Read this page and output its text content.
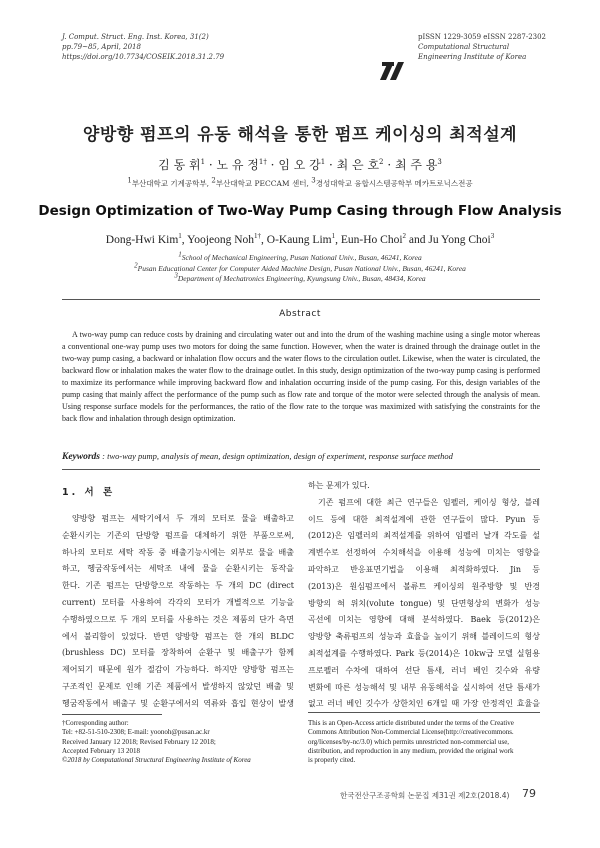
J. Comput. Struct. Eng. Inst. Korea, 31(2)
pp.79~85, April, 2018
https://doi.org/10.7734/COSEIK.2018.31.2.79
pISSN 1229-3059 eISSN 2287-2302
Computational Structural
Engineering Institute of Korea
양방향 펌프의 유동 해석을 통한 펌프 케이싱의 최적설계
김 동 휘$^1$ · 노 유 정$^{1\dagger}$ · 임 오 강$^1$ · 최 은 호$^2$ · 최 주 용$^3$
1부산대학교 기계공학부, 2부산대학교 PECCAM 센터, 3경성대학교 융합시스템공학부 메카트로닉스전공
Design Optimization of Two-Way Pump Casing through Flow Analysis
Dong-Hwi Kim$^1$, Yoojeong Noh$^{1\dagger}$, O-Kaung Lim$^1$, Eun-Ho Choi$^2$ and Ju Yong Choi$^3$
1School of Mechanical Engineering, Pusan National Univ., Busan, 46241, Korea
2Pusan Educational Center for Computer Aided Machine Design, Pusan National Univ., Busan, 46241, Korea
3Department of Mechatronics Engineering, Kyungsung Univ., Busan, 48434, Korea
Abstract
A two-way pump can reduce costs by draining and circulating water out and into the drum of the washing machine using a single motor whereas a conventional one-way pump uses two motors for doing the same function. However, when the water is drained through the drainage outlet in the two-way pump casing, a backward or inhalation flow occurs and the water flows to the circulation outlet. Likewise, when the water is circulated, the backward flow or inhalation makes the water flow to the drainage outlet. In this study, design optimization of the two-way pump casing is performed to maximize its performance while improving backward flow and inhalation occurring inside of the pump casing. For this, design variables of the pump casing that mainly affect the performance of the pump such as flow rate and torque of the motor were selected through the analysis of mean. Using response surface models for the performances, the ratio of the flow rate to the torque was maximized with satisfying the constraints for the back flow and inhalation through design optimization.
Keywords : two-way pump, analysis of mean, design optimization, design of experiment, response surface method
1. 서 론
양방향 펌프는 세탁기에서 두 개의 모터로 물을 배출하고
순환시키는 기존의 단방향 펌프를 대체하기 위한 부품으로써,
하나의 모터로 세탁 작동 중 배출기능시에는 외부로 물을 배출
하고, 헹굼작동에서는 세탁조 내에 물을 순환시키는 동작을
한다. 기존 펌프는 단방향으로 작동하는 두 개의 DC (direct
current) 모터를 사용하여 각각의 모터가 개별적으로 기능을
수행하였으므로 두 개의 모터를 사용하는 것은 제품의 단가 측면
에서 불리함이 있었다. 반면 양방향 펌프는 한 개의 BLDC
(brushless DC) 모터를 장착하여 순환구 및 배출구가 함께
제어되기 때문에 원가 절감이 가능하다. 하지만 양방향 펌프는
구조적인 문제로 인해 기존 제품에서 발생하지 않았던 배출 및
헹굼작동에서 배출구 및 순환구에서의 역류와 흡입 현상이 발생
하는 문제가 있다.
기존 펌프에 대한 최근 연구들은 임펠러, 케이싱 형상, 블레
이드 등에 대한 최적설계에 관한 연구들이 많다. Pyun 등
(2012)은 임펠러의 최적설계를 위하여 임펠러 날개 각도를 설
계변수로 선정하여 수치해석을 이용해 성능에 미치는 영향을
파악하고 반응표면기법을 이용해 최적화하였다. Jin 등
(2013)은 원심펌프에서 볼류트 케이싱의 원주방향 및 반경
방향의 혀 위치(volute tongue) 및 단면형상의 변화가 성능
곡선에 미치는 영향에 대해 분석하였다. Baek 등(2012)은
양방향 축류펌프의 성능과 효율을 높이기 위해 블레이드의 형상
최적설계를 수행하였다. Park 등(2014)은 10kw급 모델 실험용
프로펠러 수차에 대하여 선단 틈새, 러너 베인 깃수와 유량
변화에 따른 성능해석 및 내부 유동해석을 실시하여 선단 틈새가
없고 러너 베인 깃수가 상한치인 6개일 때 가장 안정적인 효율을
†Corresponding author:
Tel: +82-51-510-2308; E-mail: yoonoh@pusan.ac.kr
Received January 12 2018; Revised February 12 2018;
Accepted February 13 2018
©2018 by Computational Structural Engineering Institute of Korea
This is an Open-Access article distributed under the terms of the Creative
Commons Attribution Non-Commercial License(http://creativecommons.
org/licenses/by-nc/3.0) which permits unrestricted non-commercial use,
distribution, and reproduction in any medium, provided the original work
is properly cited.
한국전산구조공학회 논문집 제31권 제2호(2018.4) 79
